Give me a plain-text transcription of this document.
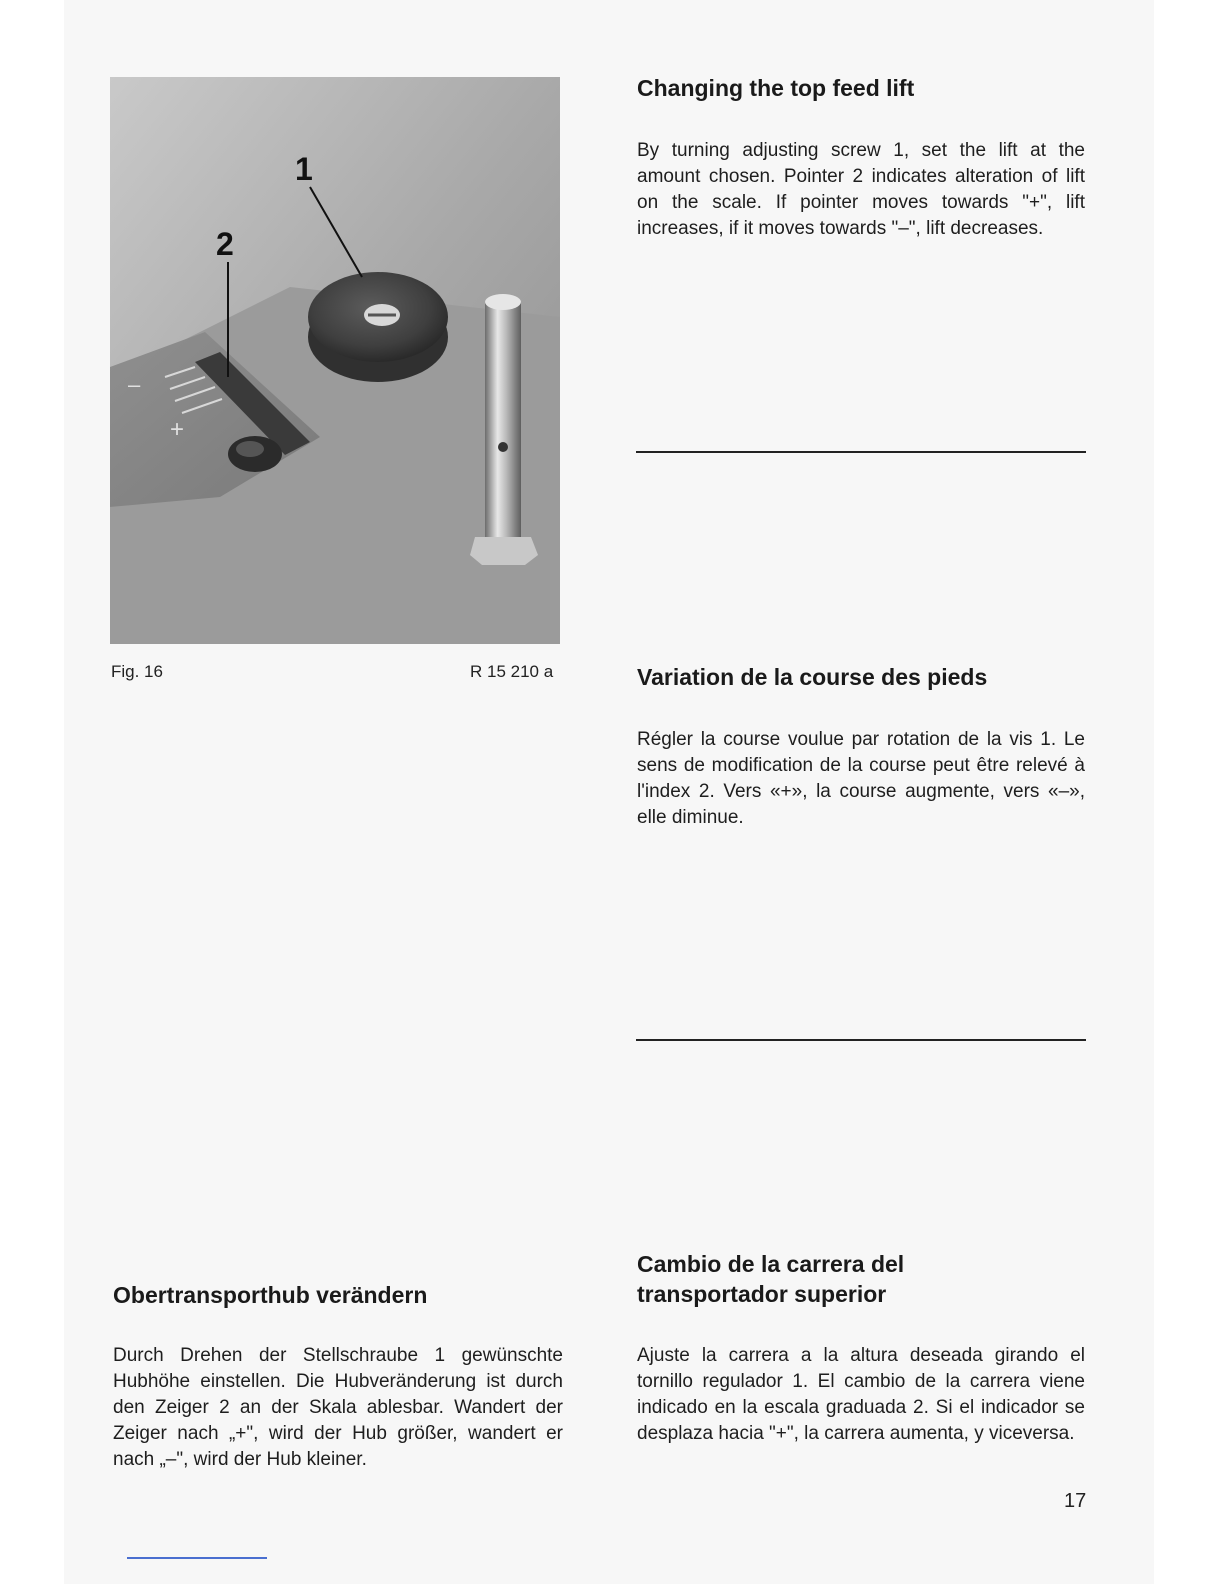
–
+
1
2
Fig. 16	R 15 210 a
Changing the top feed lift

By turning adjusting screw 1, set the lift at the amount chosen. Pointer 2 indicates alteration of lift on the scale. If pointer moves towards "+", lift increases, if it moves towards "–", lift decreases.

Variation de la course des pieds

Régler la course voulue par rotation de la vis 1. Le sens de modification de la course peut être relevé à l'index 2. Vers «+», la course augmente, vers «–», elle diminue.

Obertransporthub verändern

Durch Drehen der Stellschraube 1 gewünschte Hubhöhe einstellen. Die Hubveränderung ist durch den Zeiger 2 an der Skala ablesbar. Wandert der Zeiger nach „+", wird der Hub größer, wandert er nach „–", wird der Hub kleiner.

Cambio de la carrera del
transportador superior

Ajuste la carrera a la altura deseada girando el tornillo regulador 1. El cambio de la carrera viene indicado en la escala graduada 2. Si el indicador se desplaza hacia "+", la carrera aumenta, y viceversa.

17
